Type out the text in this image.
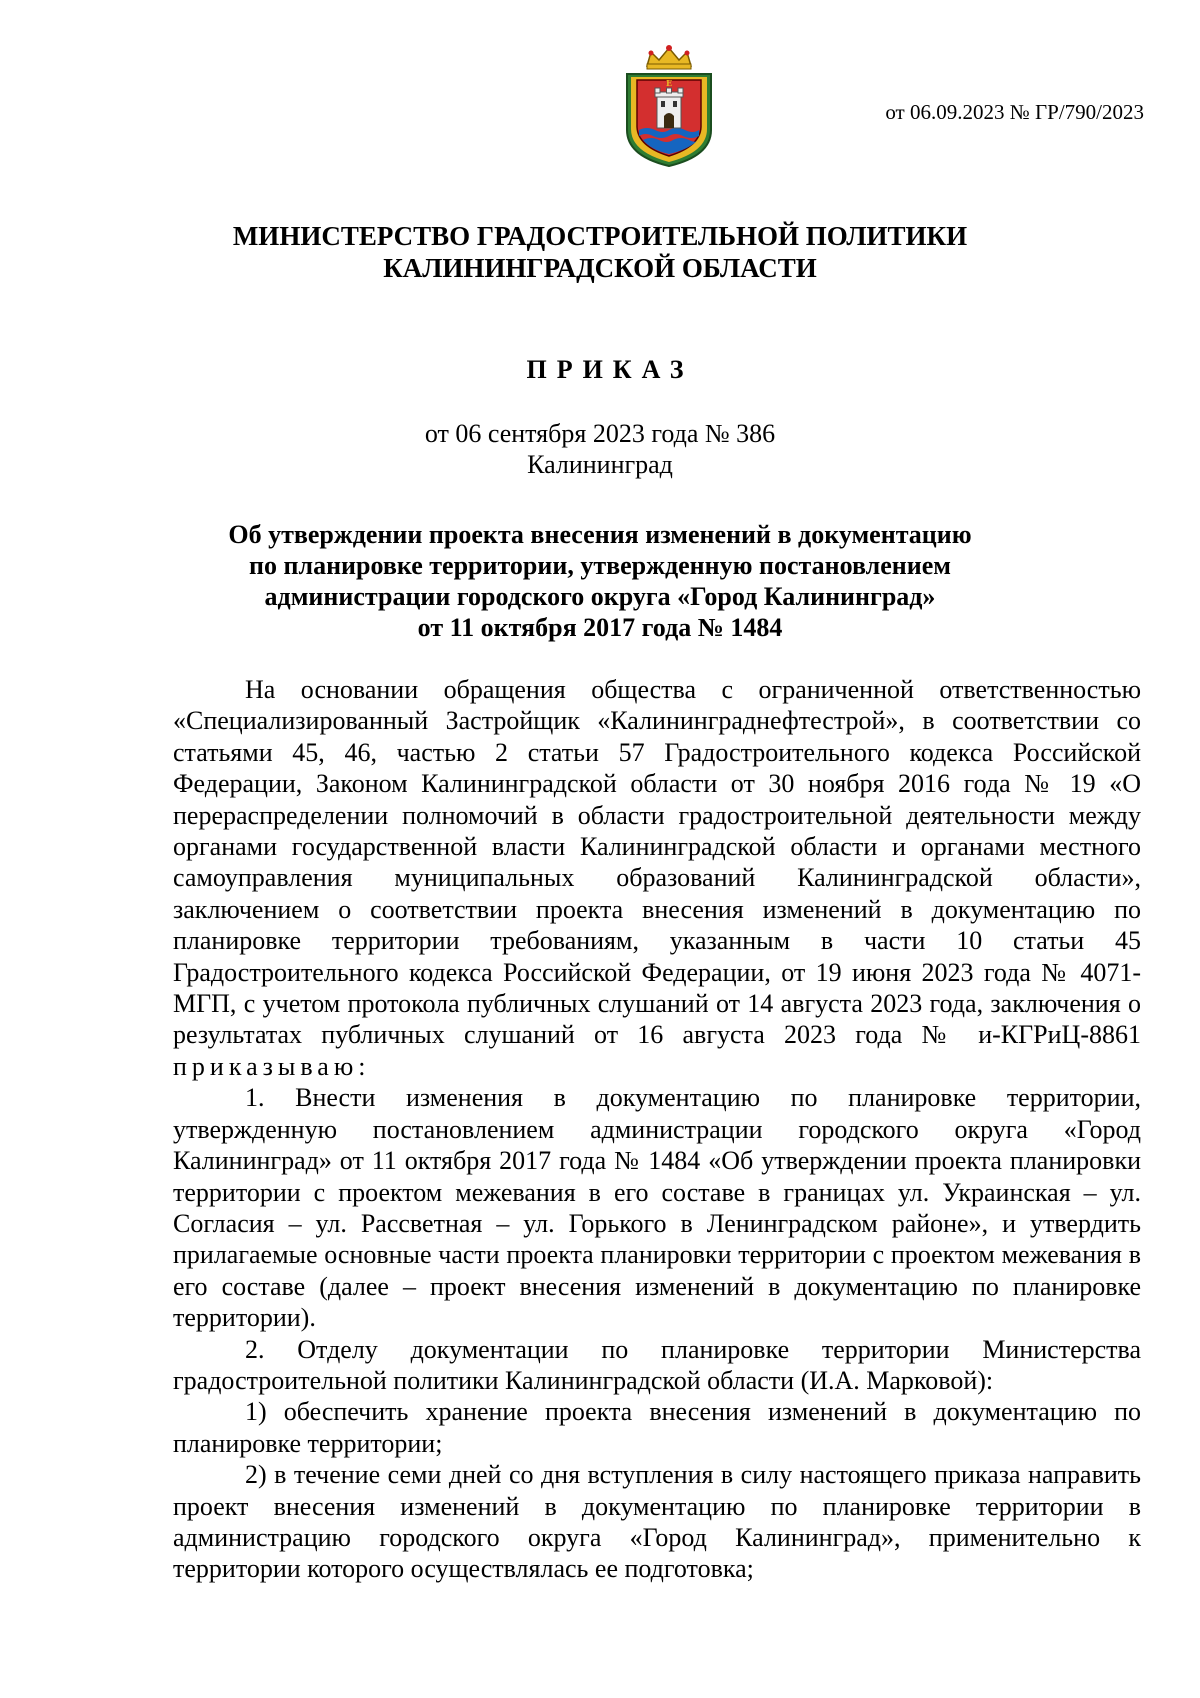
E
от 06.09.2023 № ГР/790/2023
МИНИСТЕРСТВО ГРАДОСТРОИТЕЛЬНОЙ ПОЛИТИКИ
КАЛИНИНГРАДСКОЙ ОБЛАСТИ
ПРИКАЗ
от 06 сентября 2023 года № 386
Калининград
Об утверждении проекта внесения изменений в документацию
по планировке территории, утвержденную постановлением
администрации городского округа «Город Калининград»
от 11 октября 2017 года № 1484

На основании обращения общества с ограниченной ответственностью «Специализированный Застройщик «Калининграднефтестрой», в соответствии со статьями 45, 46, частью 2 статьи 57 Градостроительного кодекса Российской Федерации, Законом Калининградской области от 30 ноября 2016 года № 19 «О перераспределении полномочий в области градостроительной деятельности между органами государственной власти Калининградской области и органами местного самоуправления муниципальных образований Калининградской области», заключением о соответствии проекта внесения изменений в документацию по планировке территории требованиям, указанным в части 10 статьи 45 Градостроительного кодекса Российской Федерации, от 19 июня 2023 года № 4071-МГП, с учетом протокола публичных слушаний от 14 августа 2023 года, заключения о результатах публичных слушаний от 16 августа 2023 года № и-КГРиЦ-8861 приказываю:

1. Внести изменения в документацию по планировке территории, утвержденную постановлением администрации городского округа «Город Калининград» от 11 октября 2017 года № 1484 «Об утверждении проекта планировки территории с проектом межевания в его составе в границах ул. Украинская – ул. Согласия – ул. Рассветная – ул. Горького в Ленинградском районе», и утвердить прилагаемые основные части проекта планировки территории с проектом межевания в его составе (далее – проект внесения изменений в документацию по планировке территории).

2. Отделу документации по планировке территории Министерства градостроительной политики Калининградской области (И.А. Марковой):

1) обеспечить хранение проекта внесения изменений в документацию по планировке территории;

2) в течение семи дней со дня вступления в силу настоящего приказа направить проект внесения изменений в документацию по планировке территории в администрацию городского округа «Город Калининград», применительно к территории которого осуществлялась ее подготовка;
